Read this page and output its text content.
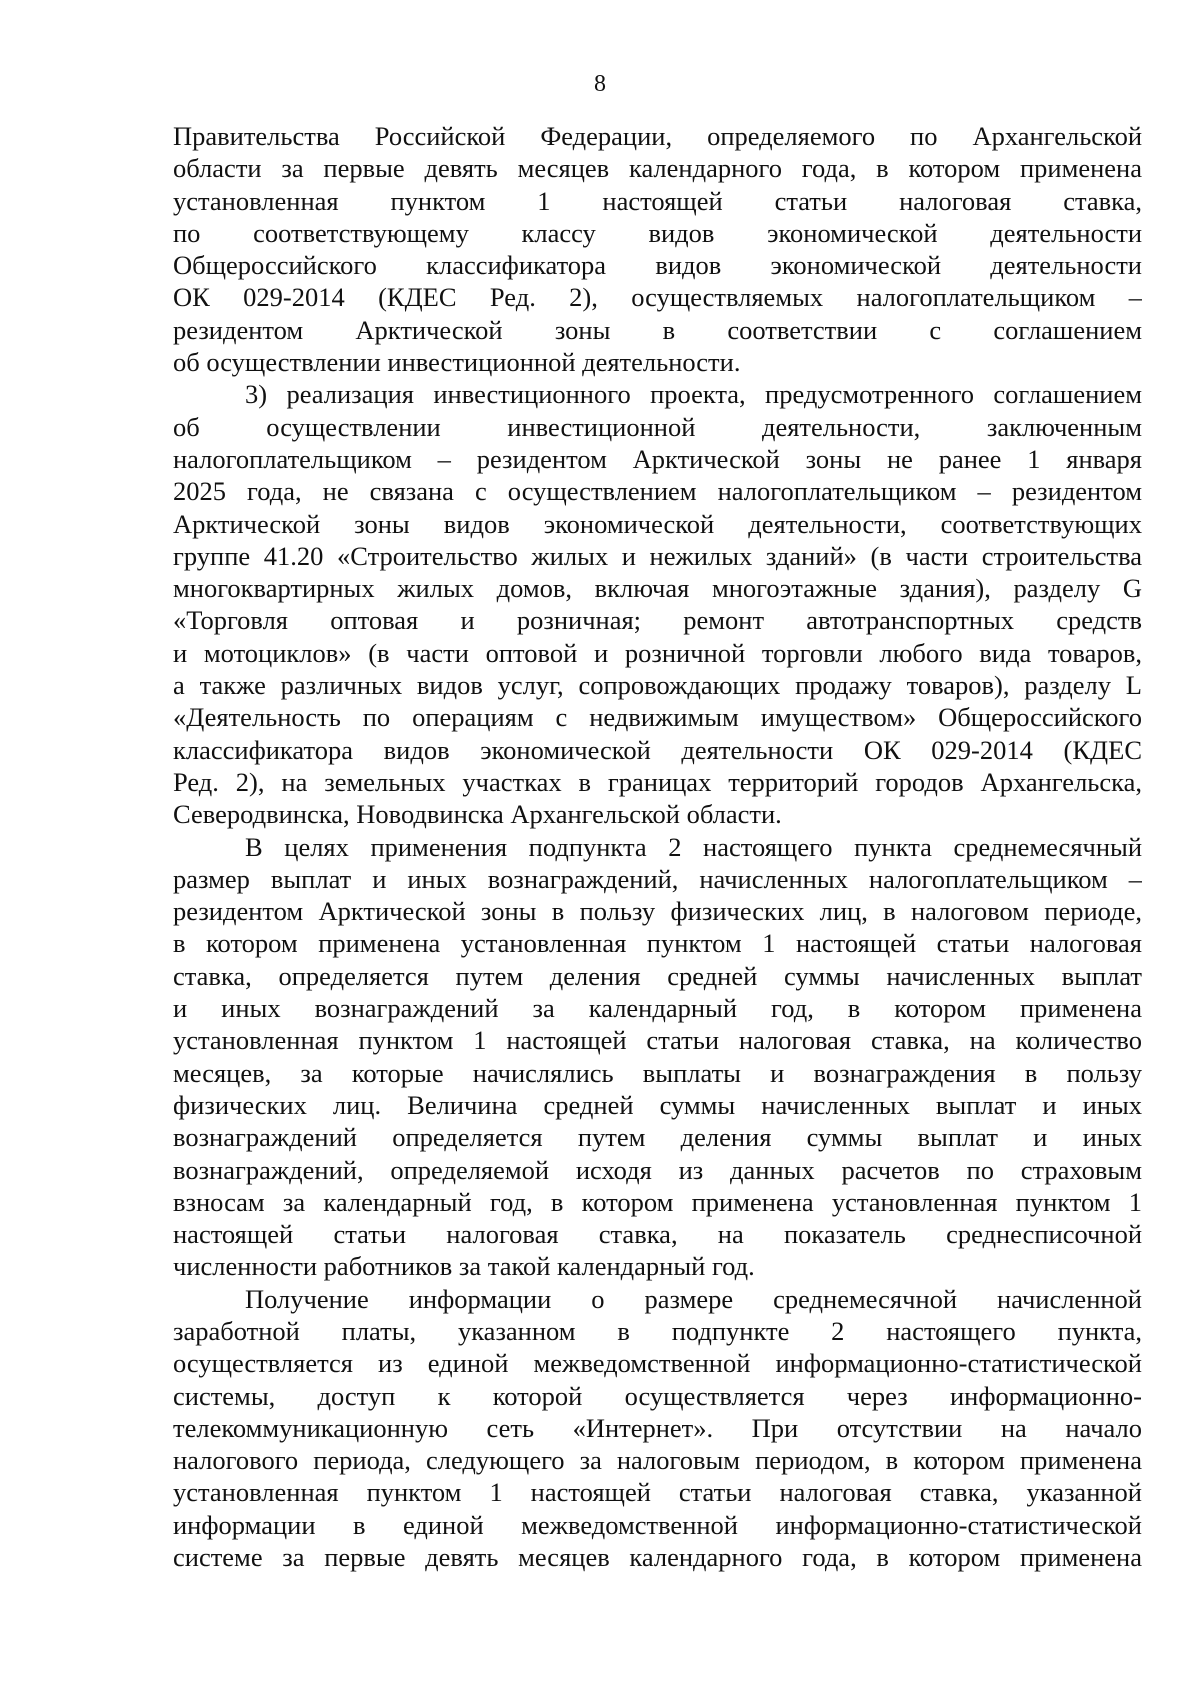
8
Правительства Российской Федерации, определяемого по Архангельской
области за первые девять месяцев календарного года, в котором применена
установленная пунктом 1 настоящей статьи налоговая ставка,
по соответствующему классу видов экономической деятельности
Общероссийского классификатора видов экономической деятельности
ОК 029-2014 (КДЕС Ред. 2), осуществляемых налогоплательщиком –
резидентом Арктической зоны в соответствии с соглашением
об осуществлении инвестиционной деятельности.
3) реализация инвестиционного проекта, предусмотренного соглашением
об осуществлении инвестиционной деятельности, заключенным
налогоплательщиком – резидентом Арктической зоны не ранее 1 января
2025 года, не связана с осуществлением налогоплательщиком – резидентом
Арктической зоны видов экономической деятельности, соответствующих
группе 41.20 «Строительство жилых и нежилых зданий» (в части строительства
многоквартирных жилых домов, включая многоэтажные здания), разделу G
«Торговля оптовая и розничная; ремонт автотранспортных средств
и мотоциклов» (в части оптовой и розничной торговли любого вида товаров,
а также различных видов услуг, сопровождающих продажу товаров), разделу L
«Деятельность по операциям с недвижимым имуществом» Общероссийского
классификатора видов экономической деятельности ОК 029-2014 (КДЕС
Ред. 2), на земельных участках в границах территорий городов Архангельска,
Северодвинска, Новодвинска Архангельской области.
В целях применения подпункта 2 настоящего пункта среднемесячный
размер выплат и иных вознаграждений, начисленных налогоплательщиком –
резидентом Арктической зоны в пользу физических лиц, в налоговом периоде,
в котором применена установленная пунктом 1 настоящей статьи налоговая
ставка, определяется путем деления средней суммы начисленных выплат
и иных вознаграждений за календарный год, в котором применена
установленная пунктом 1 настоящей статьи налоговая ставка, на количество
месяцев, за которые начислялись выплаты и вознаграждения в пользу
физических лиц. Величина средней суммы начисленных выплат и иных
вознаграждений определяется путем деления суммы выплат и иных
вознаграждений, определяемой исходя из данных расчетов по страховым
взносам за календарный год, в котором применена установленная пунктом 1
настоящей статьи налоговая ставка, на показатель среднесписочной
численности работников за такой календарный год.
Получение информации о размере среднемесячной начисленной
заработной платы, указанном в подпункте 2 настоящего пункта,
осуществляется из единой межведомственной информационно-статистической
системы, доступ к которой осуществляется через информационно-
телекоммуникационную сеть «Интернет». При отсутствии на начало
налогового периода, следующего за налоговым периодом, в котором применена
установленная пунктом 1 настоящей статьи налоговая ставка, указанной
информации в единой межведомственной информационно-статистической
системе за первые девять месяцев календарного года, в котором применена
